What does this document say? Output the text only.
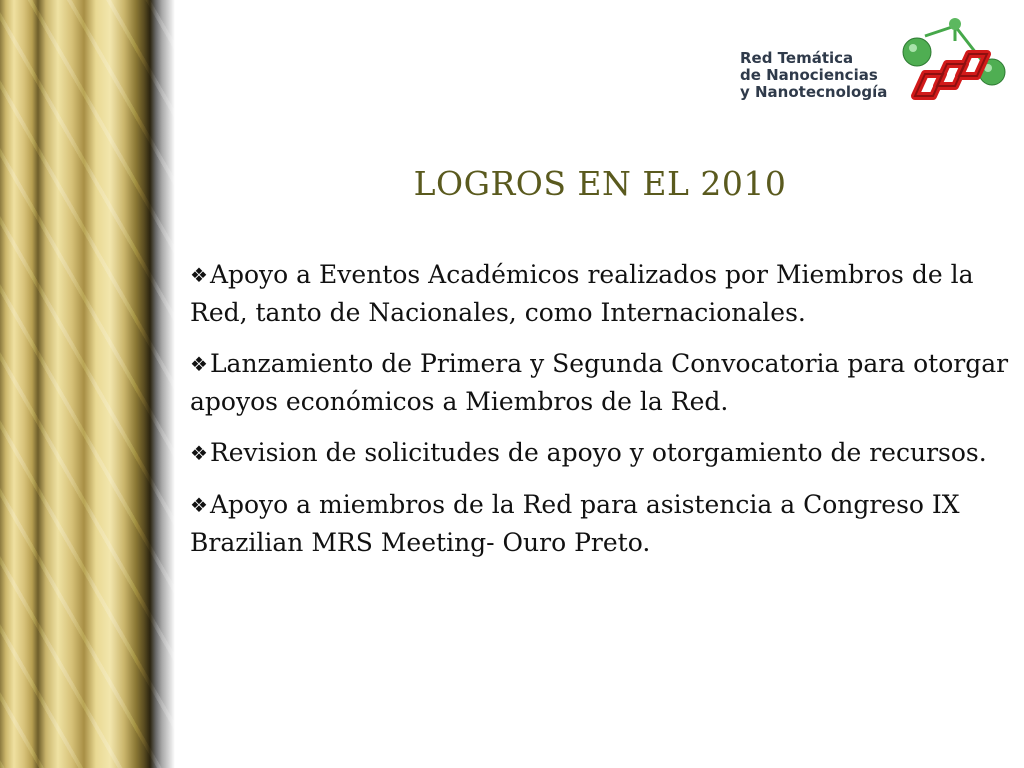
Red Temática
de Nanociencias
y Nanotecnología
LOGROS EN EL 2010
❖Apoyo a Eventos Académicos realizados por Miembros de la Red, tanto de Nacionales, como Internacionales.
❖Lanzamiento de Primera y Segunda Convocatoria para otorgar apoyos económicos a Miembros de la Red.
❖Revision de solicitudes de apoyo y otorgamiento de recursos.
❖Apoyo a miembros de la Red para asistencia a Congreso IX Brazilian MRS Meeting- Ouro Preto.
